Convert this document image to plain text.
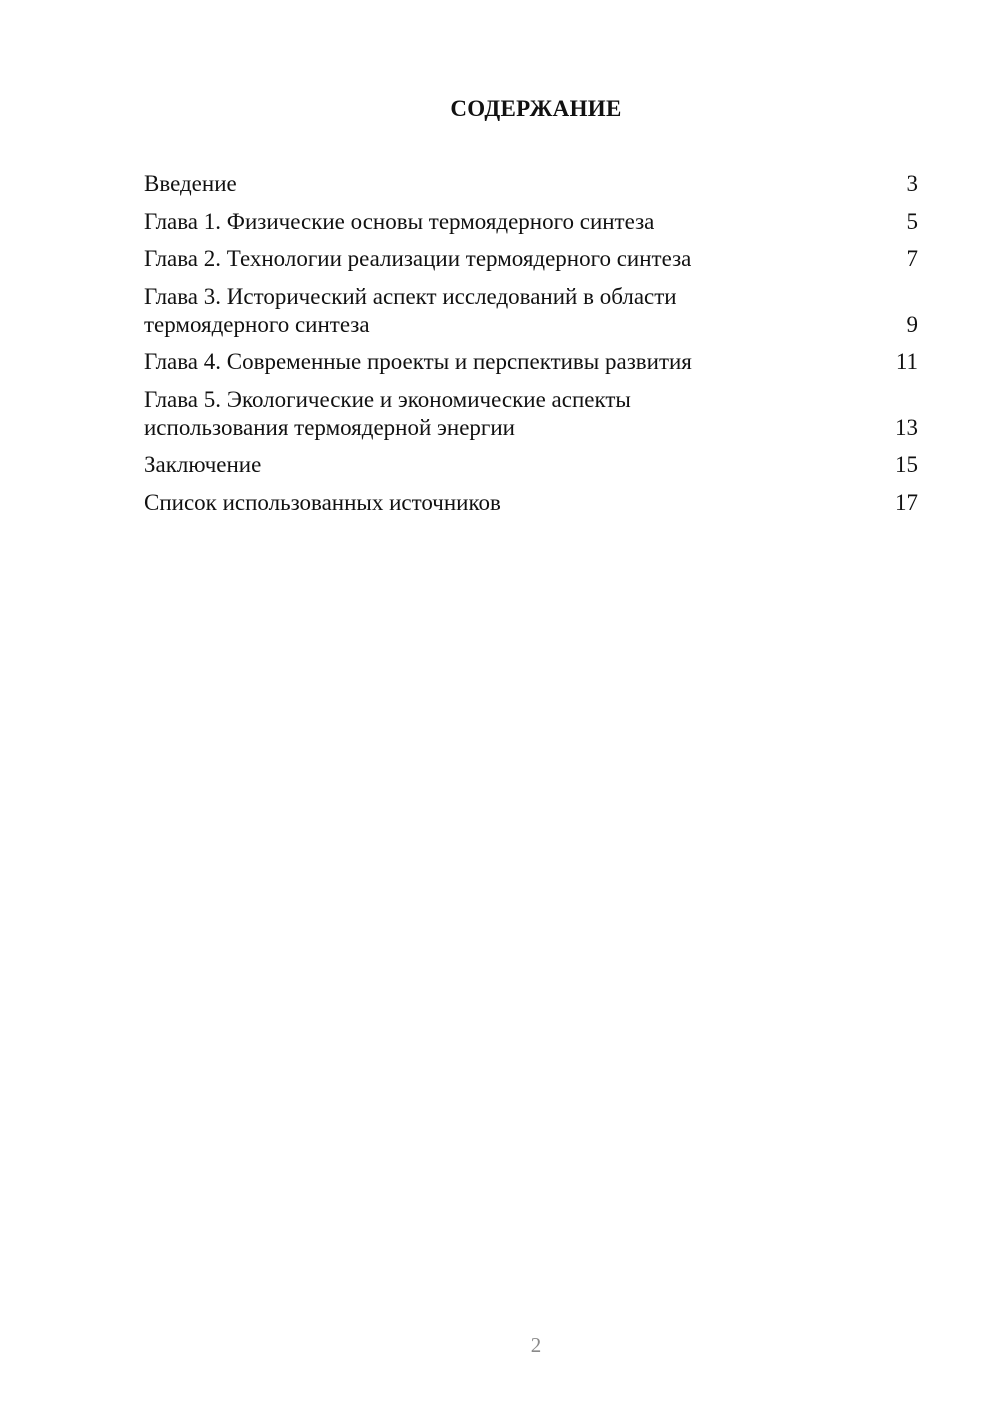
СОДЕРЖАНИЕ
Введение	3
Глава 1. Физические основы термоядерного синтеза	5
Глава 2. Технологии реализации термоядерного синтеза	7
Глава 3. Исторический аспект исследований в области термоядерного синтеза	9
Глава 4. Современные проекты и перспективы развития	11
Глава 5. Экологические и экономические аспекты использования термоядерной энергии	13
Заключение	15
Список использованных источников	17
2
